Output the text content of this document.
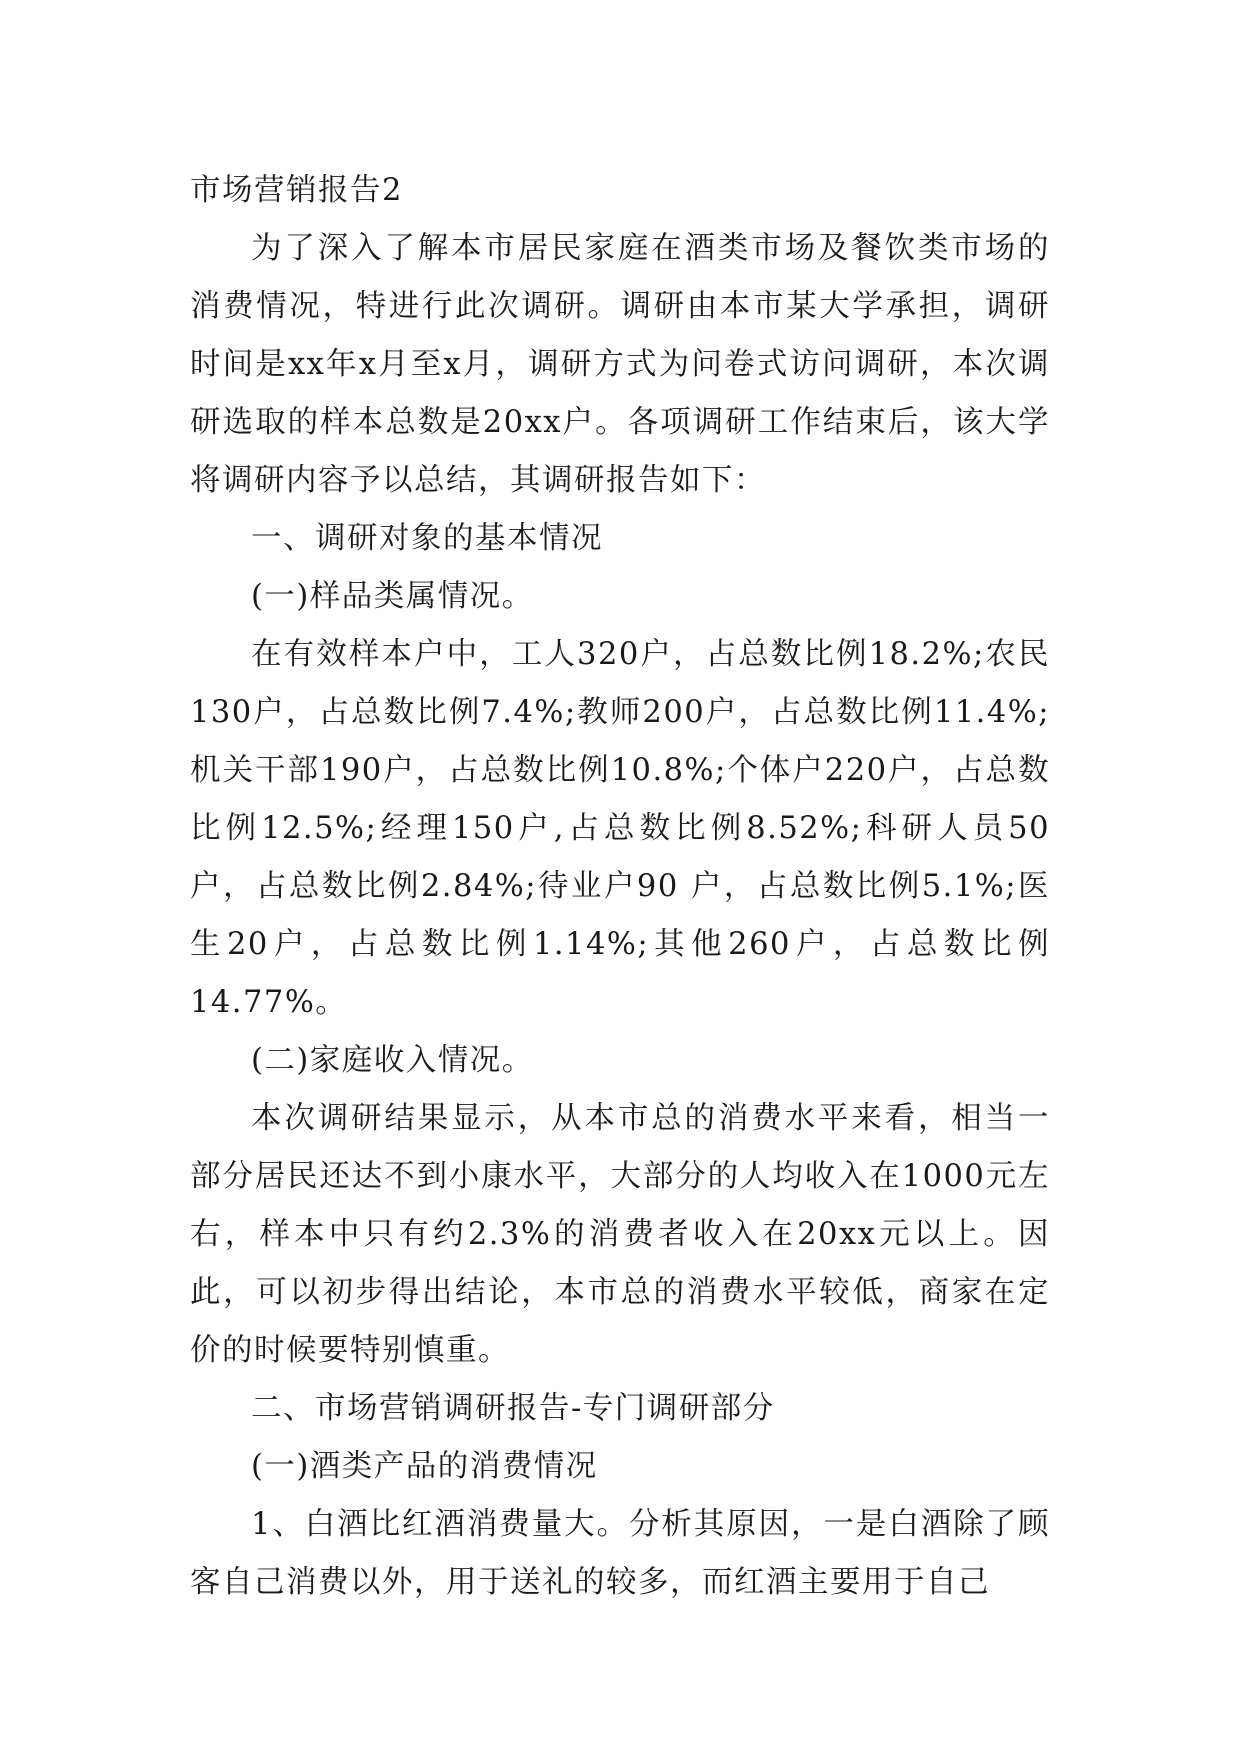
市场营销报告2

为了深入了解本市居民家庭在酒类市场及餐饮类市场的消费情况，特进行此次调研。调研由本市某大学承担，调研时间是xx年x月至x月，调研方式为问卷式访问调研，本次调研选取的样本总数是20xx户。各项调研工作结束后，该大学将调研内容予以总结，其调研报告如下：

一、调研对象的基本情况

(一)样品类属情况。

在有效样本户中，工人320户，占总数比例18.2%;农民130户，占总数比例7.4%;教师200户，占总数比例11.4%;机关干部190户，占总数比例10.8%;个体户220户，占总数比例12.5%;经理150户,占总数比例8.52%;科研人员50户，占总数比例2.84%;待业户90 户，占总数比例5.1%;医生20户，占总数比例1.14%;其他260户，占总数比例14.77%。

(二)家庭收入情况。

本次调研结果显示，从本市总的消费水平来看，相当一部分居民还达不到小康水平，大部分的人均收入在1000元左右，样本中只有约2.3%的消费者收入在20xx元以上。因此，可以初步得出结论，本市总的消费水平较低，商家在定价的时候要特别慎重。

二、市场营销调研报告-专门调研部分

(一)酒类产品的消费情况

1、白酒比红酒消费量大。分析其原因，一是白酒除了顾客自己消费以外，用于送礼的较多，而红酒主要用于自己
